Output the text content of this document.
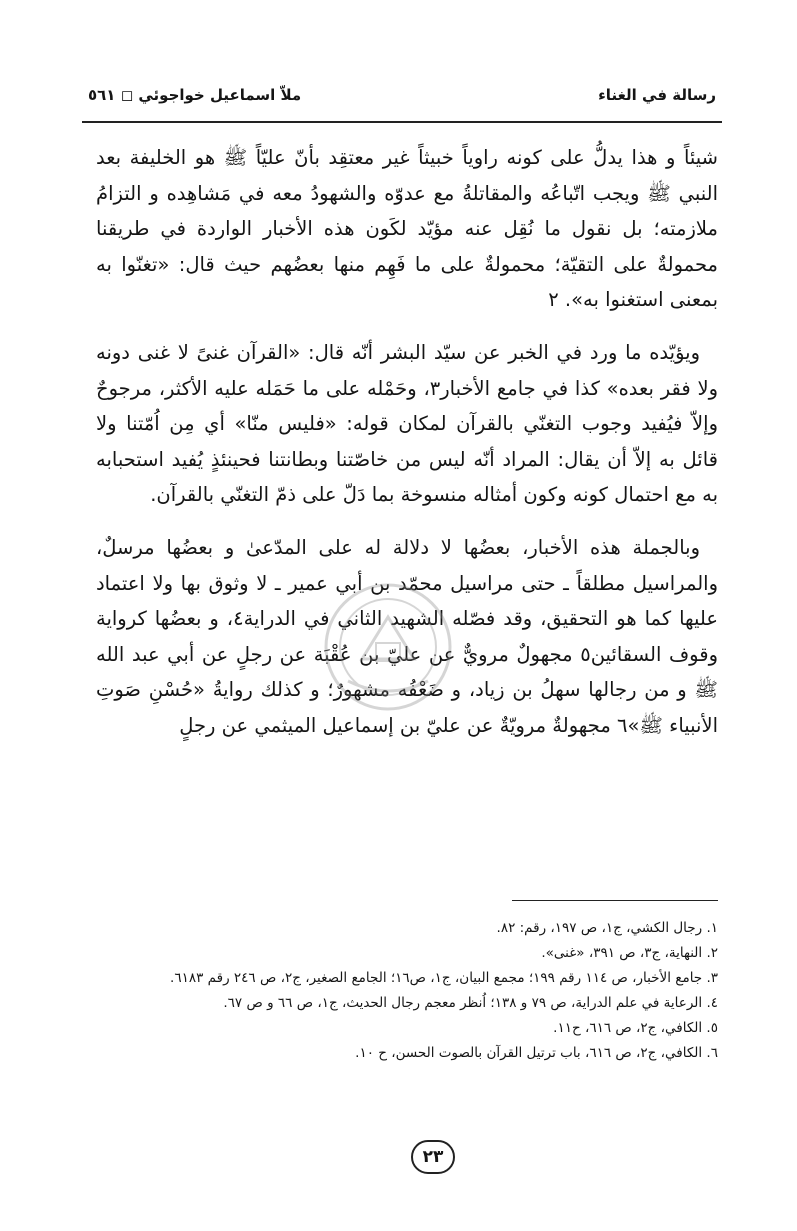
رسالة في الغناء
ملاّ اسماعيل خواجوئي ◻ ٥٦١

شيئاً و هذا يدلُّ على كونه راوياً خبيثاً غير معتقِد بأنّ عليّاً ﷺ هو الخليفة بعد النبي ﷺ ويجب اتّباعُه والمقاتلةُ مع عدوّه والشهودُ معه في مَشاهِده و التزامُ ملازمته؛ بل نقول ما نُقِل عنه مؤيّد لكَون هذه الأخبار الواردة في طريقنا محمولةٌ على التقيّة؛ محمولةٌ على ما فَهِم منها بعضُهم حيث قال: «تغنّوا به بمعنى استغنوا به». ٢

ويؤيّده ما ورد في الخبر عن سيّد البشر أنّه قال: «القرآن غنىً لا غنى دونه ولا فقر بعده» كذا في جامع الأخبار٣، وحَمْله على ما حَمَله عليه الأكثر، مرجوحٌ وإلاّ فيُفيد وجوب التغنّي بالقرآن لمكان قوله: «فليس منّا» أي مِن اُمّتنا ولا قائل به إلاّ أن يقال: المراد أنّه ليس من خاصّتنا وبطانتنا فحينئذٍ يُفيد استحبابه به مع احتمال كونه وكون أمثاله منسوخة بما دَلّ على ذمّ التغنّي بالقرآن.

وبالجملة هذه الأخبار، بعضُها لا دلالة له على المدّعىٰ و بعضُها مرسلٌ، والمراسيل مطلقاً ـ حتى مراسيل محمّد بن أبي عمير ـ لا وثوق بها ولا اعتماد عليها كما هو التحقيق، وقد فصّله الشهيد الثاني في الدراية٤، و بعضُها كرواية وقوف السقائين٥ مجهولٌ مرويٌّ عن عليّ بن عُقْبَة عن رجلٍ عن أبي عبد الله ﷺ و من رجالها سهلُ بن زياد، و ضَعْفُه مشهورٌ؛ و كذلك روايةُ «حُسْنِ صَوتِ الأنبياء ﷺ»٦ مجهولةٌ مرويّةٌ عن عليّ بن إسماعيل الميثمي عن رجلٍ

١. رجال الكشي، ج١، ص ١٩٧، رقم: ٨٢.
٢. النهاية، ج٣، ص ٣٩١، «غنى».
٣. جامع الأخبار، ص ١١٤ رقم ١٩٩؛ مجمع البيان، ج١، ص١٦؛ الجامع الصغير، ج٢، ص ٢٤٦ رقم ٦١٨٣.
٤. الرعاية في علم الدراية، ص ٧٩ و ١٣٨؛ اُنظر معجم رجال الحديث، ج١، ص ٦٦ و ص ٦٧.
٥. الكافي، ج٢، ص ٦١٦، ح١١.
٦. الكافي، ج٢، ص ٦١٦، باب ترتيل القرآن بالصوت الحسن، ح ١٠.
٢٣
